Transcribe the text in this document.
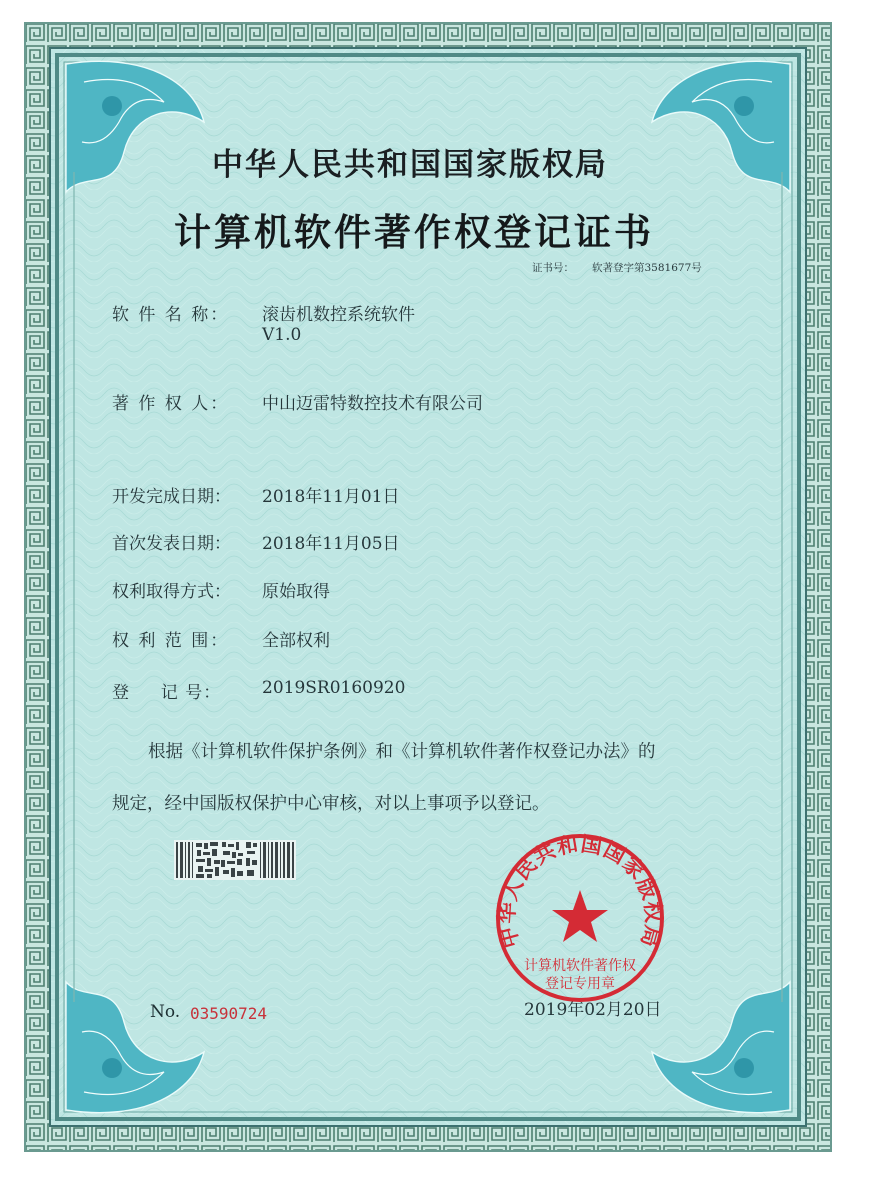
中华人民共和国国家版权局
计算机软件著作权登记证书
证书号： 软著登字第3581677号
软 件 名 称： 滚齿机数控系统软件
V1.0
著 作 权 人： 中山迈雷特数控技术有限公司
开发完成日期： 2018年11月01日
首次发表日期： 2018年11月05日
权利取得方式： 原始取得
权 利 范 围： 全部权利
登 　 记 号： 2019SR0160920
根据《计算机软件保护条例》和《计算机软件著作权登记办法》的
规定，经中国版权保护中心审核，对以上事项予以登记。
No. 03590724	2019年02月20日
中华人民共和国国家版权局
计算机软件著作权
登记专用章
